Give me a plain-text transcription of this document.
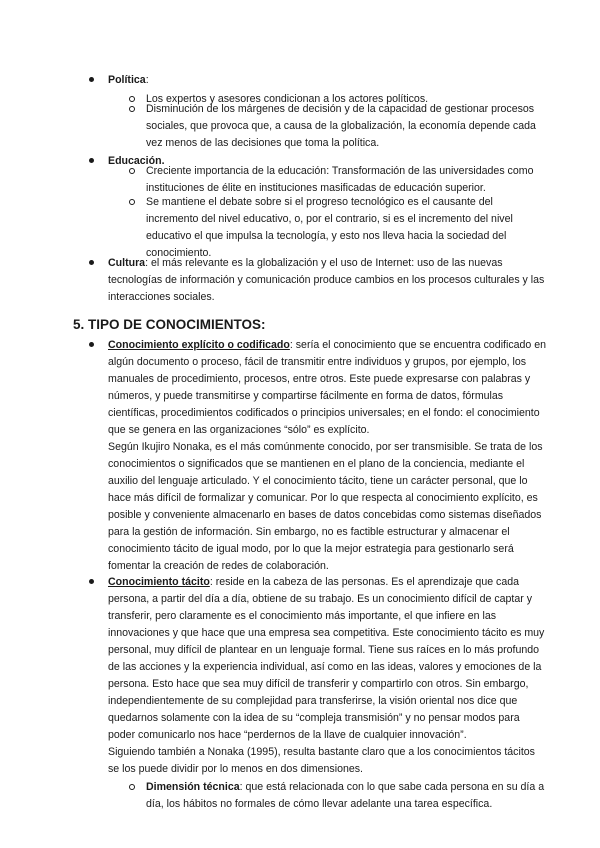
Política:
Los expertos y asesores condicionan a los actores políticos.
Disminución de los márgenes de decisión y de la capacidad de gestionar procesos
sociales, que provoca que, a causa de la globalización, la economía depende cada
vez menos de las decisiones que toma la política.
Educación.
Creciente importancia de la educación: Transformación de las universidades como
instituciones de élite en instituciones masificadas de educación superior.
Se mantiene el debate sobre si el progreso tecnológico es el causante del
incremento del nivel educativo, o, por el contrario, si es el incremento del nivel
educativo el que impulsa la tecnología, y esto nos lleva hacia la sociedad del
conocimiento.
Cultura: el más relevante es la globalización y el uso de Internet: uso de las nuevas
tecnologías de información y comunicación produce cambios en los procesos culturales y las
interacciones sociales.
5. TIPO DE CONOCIMIENTOS:
Conocimiento explícito o codificado: sería el conocimiento que se encuentra codificado en
algún documento o proceso, fácil de transmitir entre individuos y grupos, por ejemplo, los
manuales de procedimiento, procesos, entre otros. Este puede expresarse con palabras y
números, y puede transmitirse y compartirse fácilmente en forma de datos, fórmulas
científicas, procedimientos codificados o principios universales; en el fondo: el conocimiento
que se genera en las organizaciones “sólo” es explícito.
Según Ikujiro Nonaka, es el más comúnmente conocido, por ser transmisible. Se trata de los
conocimientos o significados que se mantienen en el plano de la conciencia, mediante el
auxilio del lenguaje articulado. Y el conocimiento tácito, tiene un carácter personal, que lo
hace más difícil de formalizar y comunicar. Por lo que respecta al conocimiento explícito, es
posible y conveniente almacenarlo en bases de datos concebidas como sistemas diseñados
para la gestión de información. Sin embargo, no es factible estructurar y almacenar el
conocimiento tácito de igual modo, por lo que la mejor estrategia para gestionarlo será
fomentar la creación de redes de colaboración.
Conocimiento tácito: reside en la cabeza de las personas. Es el aprendizaje que cada
persona, a partir del día a día, obtiene de su trabajo. Es un conocimiento difícil de captar y
transferir, pero claramente es el conocimiento más importante, el que infiere en las
innovaciones y que hace que una empresa sea competitiva. Este conocimiento tácito es muy
personal, muy difícil de plantear en un lenguaje formal. Tiene sus raíces en lo más profundo
de las acciones y la experiencia individual, así como en las ideas, valores y emociones de la
persona. Esto hace que sea muy difícil de transferir y compartirlo con otros. Sin embargo,
independientemente de su complejidad para transferirse, la visión oriental nos dice que
quedarnos solamente con la idea de su “compleja transmisión” y no pensar modos para
poder comunicarlo nos hace “perdernos de la llave de cualquier innovación”.
Siguiendo también a Nonaka (1995), resulta bastante claro que a los conocimientos tácitos
se los puede dividir por lo menos en dos dimensiones.
Dimensión técnica: que está relacionada con lo que sabe cada persona en su día a
día, los hábitos no formales de cómo llevar adelante una tarea específica.
